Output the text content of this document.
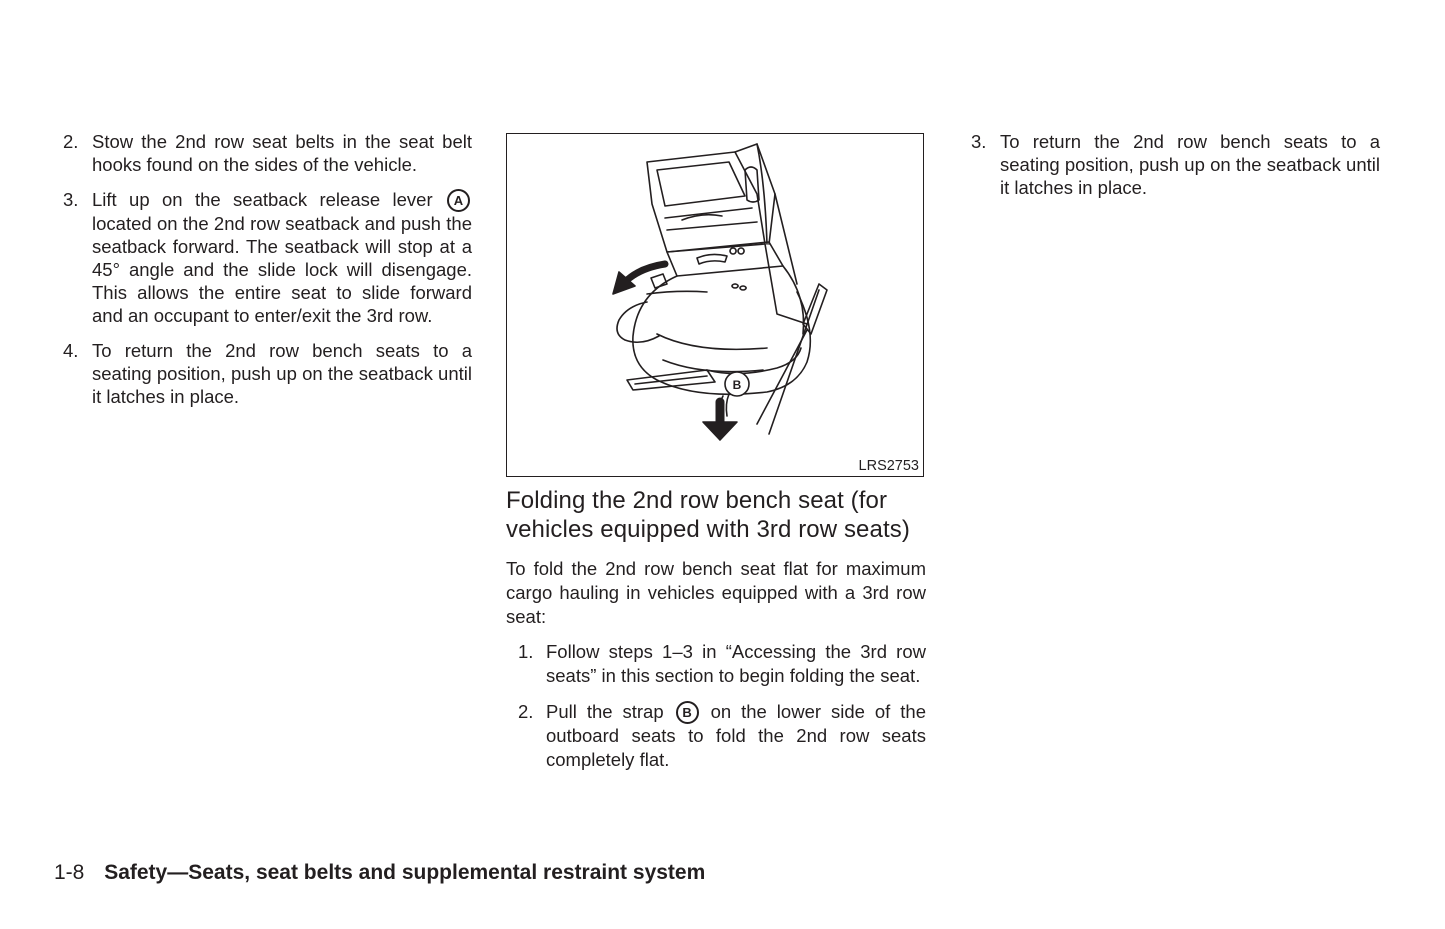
2. Stow the 2nd row seat belts in the seat belt hooks found on the sides of the vehicle.
3. Lift up on the seatback release lever A located on the 2nd row seatback and push the seatback forward. The seatback will stop at a 45° angle and the slide lock will disengage. This allows the entire seat to slide forward and an occupant to enter/exit the 3rd row.
4. To return the 2nd row bench seats to a seating position, push up on the seatback until it latches in place.
B
LRS2753
Folding the 2nd row bench seat (for vehicles equipped with 3rd row seats)

To fold the 2nd row bench seat flat for maximum cargo hauling in vehicles equipped with a 3rd row seat:

1. Follow steps 1–3 in “Accessing the 3rd row seats” in this section to begin folding the seat.
2. Pull the strap B on the lower side of the outboard seats to fold the 2nd row seats completely flat.
3. To return the 2nd row bench seats to a seating position, push up on the seatback until it latches in place.
1-8 Safety—Seats, seat belts and supplemental restraint system
